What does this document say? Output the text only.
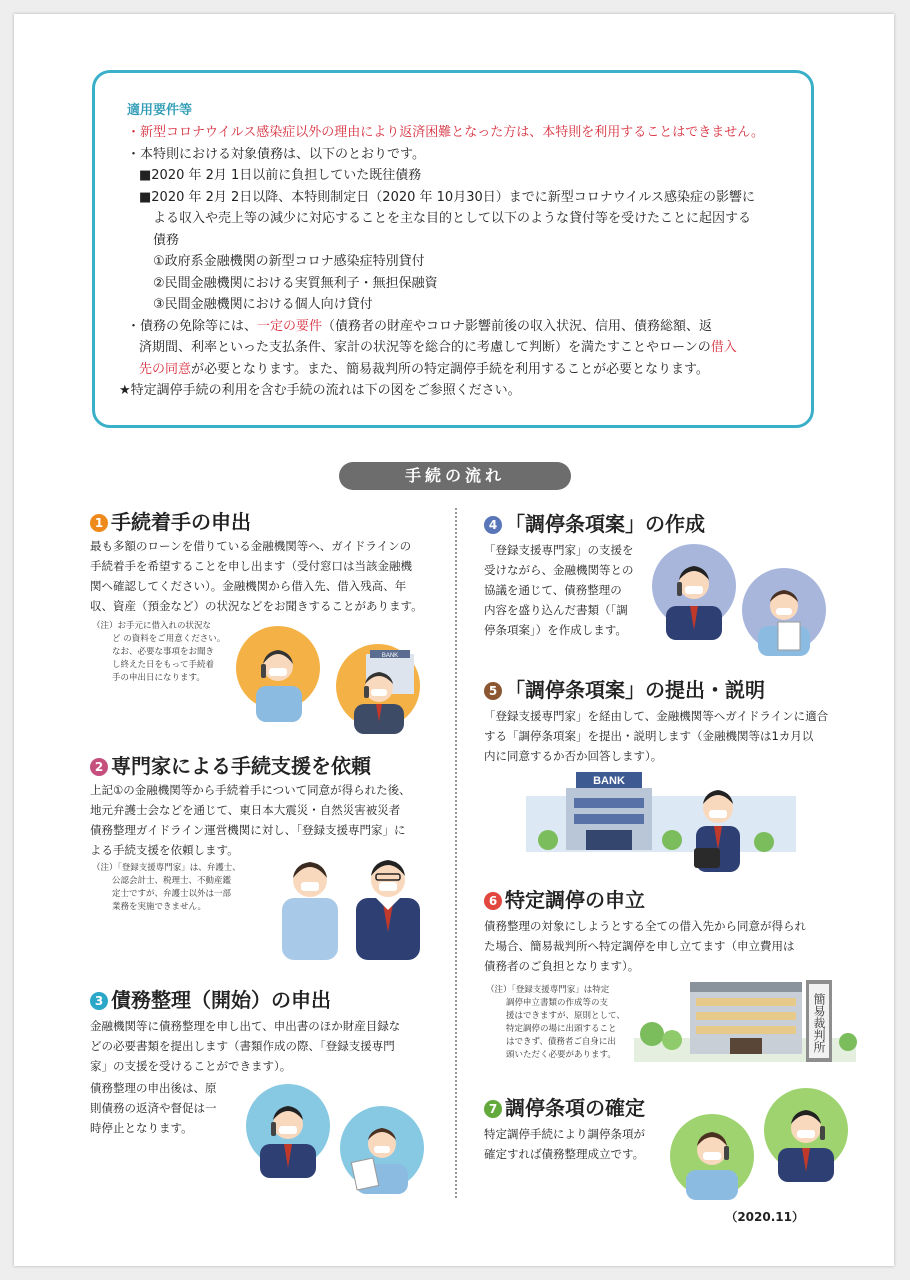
適用要件等
・新型コロナウイルス感染症以外の理由により返済困難となった方は、本特則を利用することはできません。
・本特則における対象債務は、以下のとおりです。
■2020 年 2月 1日以前に負担していた既往債務
■2020 年 2月 2日以降、本特則制定日（2020 年 10月30日）までに新型コロナウイルス感染症の影響に
よる収入や売上等の減少に対応することを主な目的として以下のような貸付等を受けたことに起因する
債務
①政府系金融機関の新型コロナ感染症特別貸付
②民間金融機関における実質無利子・無担保融資
③民間金融機関における個人向け貸付
・債務の免除等には、一定の要件（債務者の財産やコロナ影響前後の収入状況、信用、債務総額、返
済期間、利率といった支払条件、家計の状況等を総合的に考慮して判断）を満たすことやローンの借入
先の同意が必要となります。また、簡易裁判所の特定調停手続を利用することが必要となります。
★特定調停手続の利用を含む手続の流れは下の図をご参照ください。
手続の流れ
1 手続着手の申出
最も多額のローンを借りている金融機関等へ、ガイドラインの
手続着手を希望することを申し出ます（受付窓口は当該金融機
関へ確認してください）。金融機関から借入先、借入残高、年
収、資産（預金など）の状況などをお聞きすることがあります。
（注）お手元に借入れの状況な
ど の資料をご用意ください。
なお、必要な事項をお聞き
し終えた日をもって手続着
手の申出日になります。
BANK
2 専門家による手続支援を依頼
上記①の金融機関等から手続着手について同意が得られた後、
地元弁護士会などを通じて、東日本大震災・自然災害被災者
債務整理ガイドライン運営機関に対し、「登録支援専門家」に
よる手続支援を依頼します。
（注）「登録支援専門家」は、弁護士、
公認会計士、税理士、不動産鑑
定士ですが、弁護士以外は一部
業務を実施できません。
3 債務整理（開始）の申出
金融機関等に債務整理を申し出て、申出書のほか財産目録な
どの必要書類を提出します（書類作成の際、「登録支援専門
家」の支援を受けることができます）。
債務整理の申出後は、原
則債務の返済や督促は一
時停止となります。
4 「調停条項案」の作成
「登録支援専門家」の支援を
受けながら、金融機関等との
協議を通じて、債務整理の
内容を盛り込んだ書類（「調
停条項案」）を作成します。
5 「調停条項案」の提出・説明
「登録支援専門家」を経由して、金融機関等へガイドラインに適合
する「調停条項案」を提出・説明します（金融機関等は1カ月以
内に同意するか否か回答します）。
BANK
6 特定調停の申立
債務整理の対象にしようとする全ての借入先から同意が得られ
た場合、簡易裁判所へ特定調停を申し立てます（申立費用は
債務者のご負担となります）。
（注）「登録支援専門家」は特定
調停申立書類の作成等の支
援はできますが、原則として、
特定調停の場に出頭すること
はできず、債務者ご自身に出
頭いただく必要があります。
簡易裁判所
7 調停条項の確定
特定調停手続により調停条項が
確定すれば債務整理成立です。
（2020.11）
